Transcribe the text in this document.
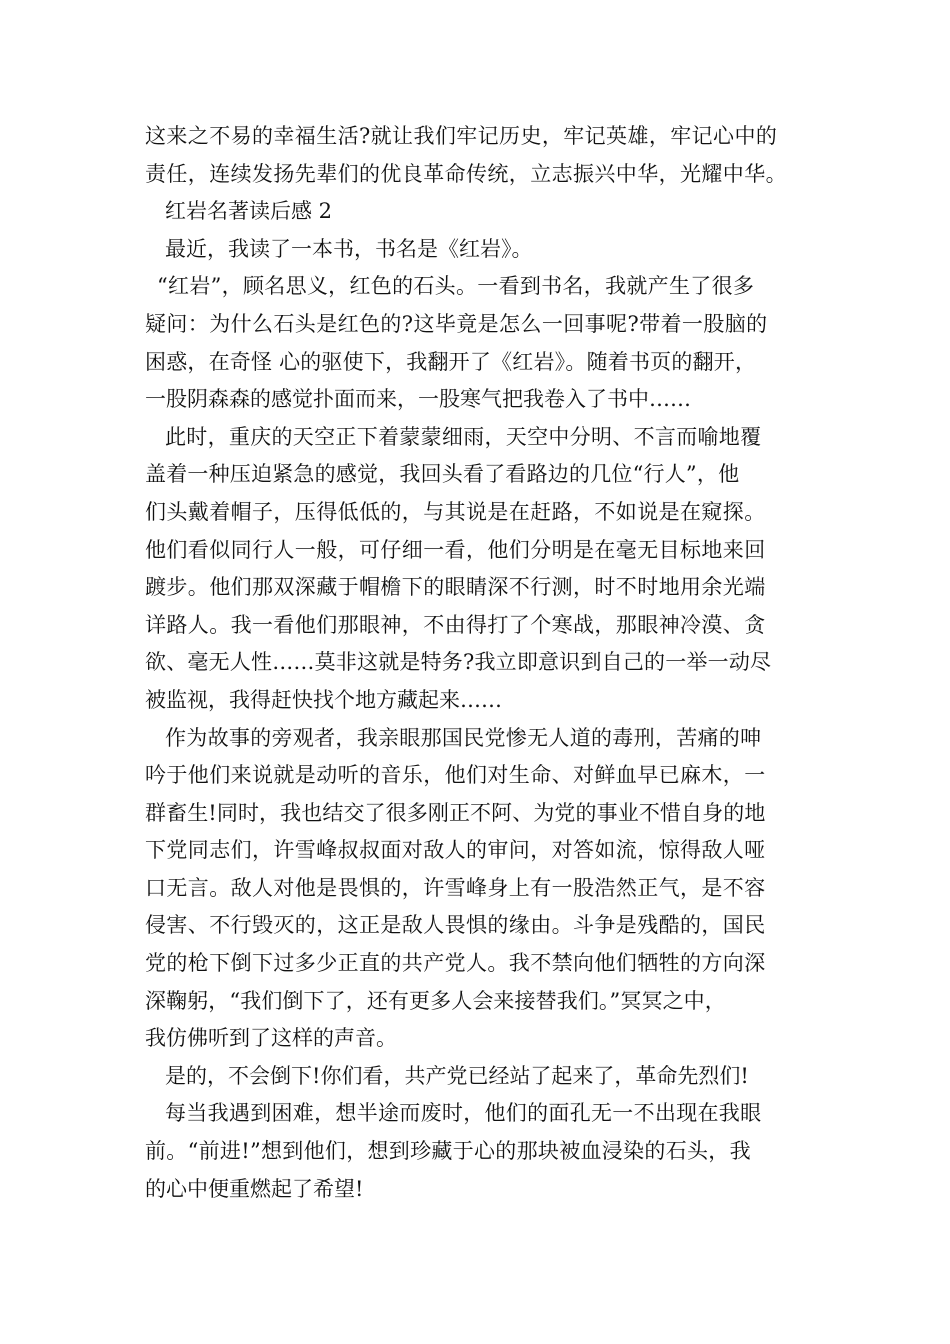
这来之不易的幸福生活?就让我们牢记历史，牢记英雄，牢记心中的
责任，连续发扬先辈们的优良革命传统，立志振兴中华，光耀中华。
红岩名著读后感 2
最近，我读了一本书，书名是《红岩》。
“红岩”，顾名思义，红色的石头。一看到书名，我就产生了很多
疑问：为什么石头是红色的?这毕竟是怎么一回事呢?带着一股脑的
困惑，在奇怪 心的驱使下，我翻开了《红岩》。随着书页的翻开，
一股阴森森的感觉扑面而来，一股寒气把我卷入了书中……
此时，重庆的天空正下着蒙蒙细雨，天空中分明、不言而喻地覆
盖着一种压迫紧急的感觉，我回头看了看路边的几位“行人”，他
们头戴着帽子，压得低低的，与其说是在赶路，不如说是在窥探。
他们看似同行人一般，可仔细一看，他们分明是在毫无目标地来回
踱步。他们那双深藏于帽檐下的眼睛深不行测，时不时地用余光端
详路人。我一看他们那眼神，不由得打了个寒战，那眼神冷漠、贪
欲、毫无人性……莫非这就是特务?我立即意识到自己的一举一动尽
被监视，我得赶快找个地方藏起来……
作为故事的旁观者，我亲眼那国民党惨无人道的毒刑，苦痛的呻
吟于他们来说就是动听的音乐，他们对生命、对鲜血早已麻木，一
群畜生!同时，我也结交了很多刚正不阿、为党的事业不惜自身的地
下党同志们，许雪峰叔叔面对敌人的审问，对答如流，惊得敌人哑
口无言。敌人对他是畏惧的，许雪峰身上有一股浩然正气，是不容
侵害、不行毁灭的，这正是敌人畏惧的缘由。斗争是残酷的，国民
党的枪下倒下过多少正直的共产党人。我不禁向他们牺牲的方向深
深鞠躬，“我们倒下了，还有更多人会来接替我们。”冥冥之中，
我仿佛听到了这样的声音。
是的，不会倒下!你们看，共产党已经站了起来了，革命先烈们!
每当我遇到困难，想半途而废时，他们的面孔无一不出现在我眼
前。“前进!”想到他们，想到珍藏于心的那块被血浸染的石头，我
的心中便重燃起了希望!
